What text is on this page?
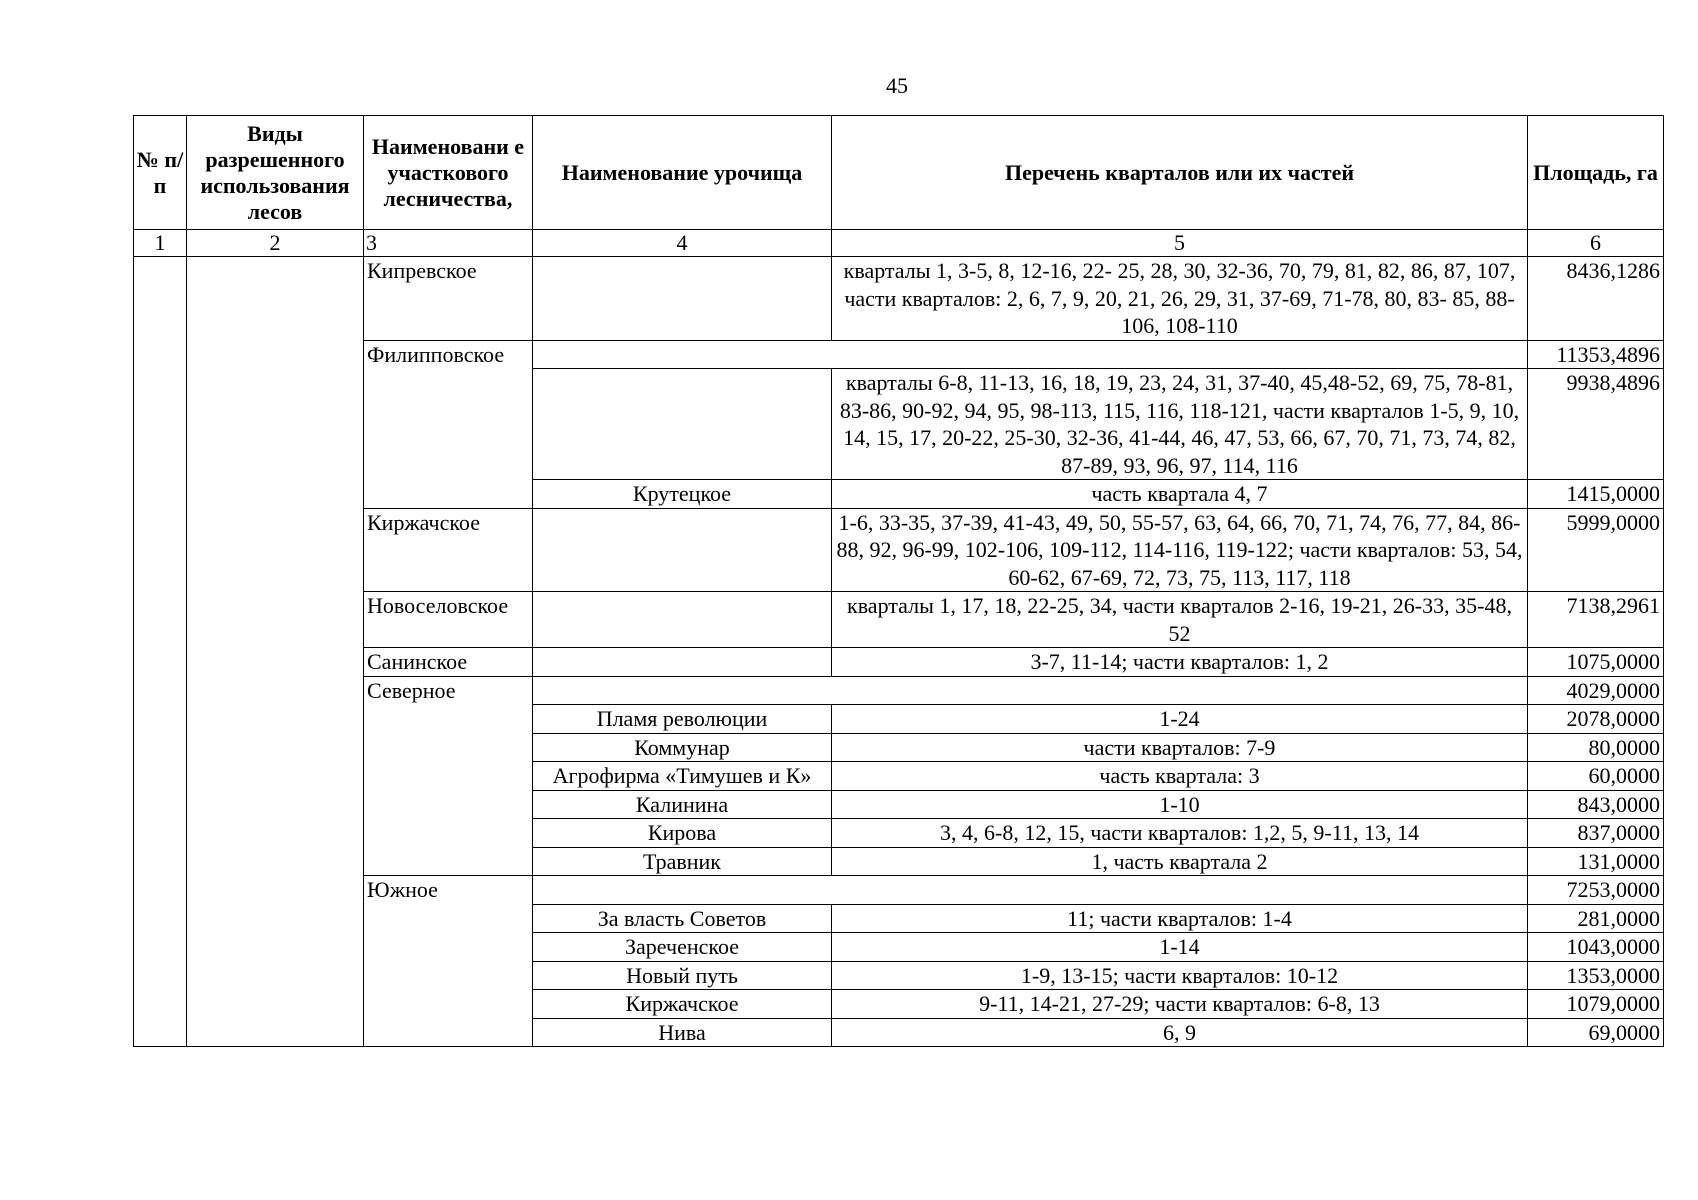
45
№ п/п	Виды разрешенного использования лесов	Наименовани е участкового лесничества,	Наименование урочища	Перечень кварталов или их частей	Площадь, га
1	2	3	4	5	6
		Кипревское		кварталы 1, 3-5, 8, 12-16, 22- 25, 28, 30, 32-36, 70, 79, 81, 82, 86, 87, 107, части кварталов: 2, 6, 7, 9, 20, 21, 26, 29, 31, 37-69, 71-78, 80, 83- 85, 88-106, 108-110	8436,1286
		Филипповское			11353,4896
				кварталы 6-8, 11-13, 16, 18, 19, 23, 24, 31, 37-40, 45,48-52, 69, 75, 78-81, 83-86, 90-92, 94, 95, 98-113, 115, 116, 118-121, части кварталов 1-5, 9, 10, 14, 15, 17, 20-22, 25-30, 32-36, 41-44, 46, 47, 53, 66, 67, 70, 71, 73, 74, 82, 87-89, 93, 96, 97, 114, 116	9938,4896
			Крутецкое	часть квартала 4, 7	1415,0000
		Киржачское		1-6, 33-35, 37-39, 41-43, 49, 50, 55-57, 63, 64, 66, 70, 71, 74, 76, 77, 84, 86-88, 92, 96-99, 102-106, 109-112, 114-116, 119-122; части кварталов: 53, 54, 60-62, 67-69, 72, 73, 75, 113, 117, 118	5999,0000
		Новоселовское		кварталы 1, 17, 18, 22-25, 34, части кварталов 2-16, 19-21, 26-33, 35-48, 52	7138,2961
		Санинское		3-7, 11-14; части кварталов: 1, 2	1075,0000
		Северное			4029,0000
			Пламя революции	1-24	2078,0000
			Коммунар	части кварталов: 7-9	80,0000
			Агрофирма «Тимушев и К»	часть квартала: 3	60,0000
			Калинина	1-10	843,0000
			Кирова	3, 4, 6-8, 12, 15, части кварталов: 1,2, 5, 9-11, 13, 14	837,0000
			Травник	1, часть квартала 2	131,0000
		Южное			7253,0000
			За власть Советов	11; части кварталов: 1-4	281,0000
			Зареченское	1-14	1043,0000
			Новый путь	1-9, 13-15; части кварталов: 10-12	1353,0000
			Киржачское	9-11, 14-21, 27-29; части кварталов: 6-8, 13	1079,0000
			Нива	6, 9	69,0000
